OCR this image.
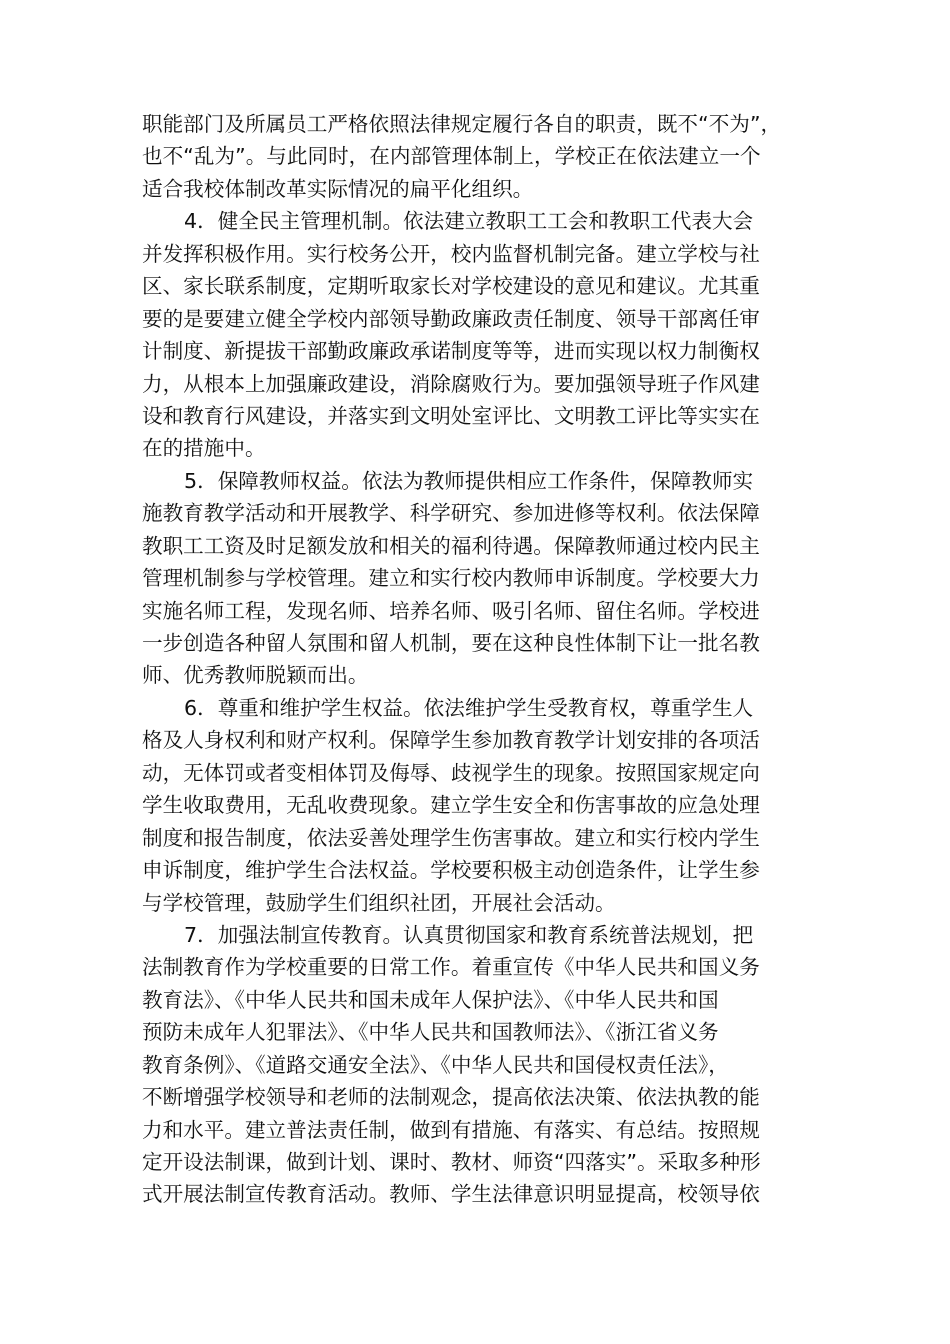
职能部门及所属员工严格依照法律规定履行各自的职责，既不“不为”，
也不“乱为”。与此同时，在内部管理体制上，学校正在依法建立一个
适合我校体制改革实际情况的扁平化组织。
4．健全民主管理机制。依法建立教职工工会和教职工代表大会
并发挥积极作用。实行校务公开，校内监督机制完备。建立学校与社
区、家长联系制度，定期听取家长对学校建设的意见和建议。尤其重
要的是要建立健全学校内部领导勤政廉政责任制度、领导干部离任审
计制度、新提拔干部勤政廉政承诺制度等等，进而实现以权力制衡权
力，从根本上加强廉政建设，消除腐败行为。要加强领导班子作风建
设和教育行风建设，并落实到文明处室评比、文明教工评比等实实在
在的措施中。
5．保障教师权益。依法为教师提供相应工作条件，保障教师实
施教育教学活动和开展教学、科学研究、参加进修等权利。依法保障
教职工工资及时足额发放和相关的福利待遇。保障教师通过校内民主
管理机制参与学校管理。建立和实行校内教师申诉制度。学校要大力
实施名师工程，发现名师、培养名师、吸引名师、留住名师。学校进
一步创造各种留人氛围和留人机制，要在这种良性体制下让一批名教
师、优秀教师脱颖而出。
6．尊重和维护学生权益。依法维护学生受教育权，尊重学生人
格及人身权利和财产权利。保障学生参加教育教学计划安排的各项活
动，无体罚或者变相体罚及侮辱、歧视学生的现象。按照国家规定向
学生收取费用，无乱收费现象。建立学生安全和伤害事故的应急处理
制度和报告制度，依法妥善处理学生伤害事故。建立和实行校内学生
申诉制度，维护学生合法权益。学校要积极主动创造条件，让学生参
与学校管理，鼓励学生们组织社团，开展社会活动。
7．加强法制宣传教育。认真贯彻国家和教育系统普法规划，把
法制教育作为学校重要的日常工作。着重宣传《中华人民共和国义务
教育法》、《中华人民共和国未成年人保护法》、《中华人民共和国
预防未成年人犯罪法》、《中华人民共和国教师法》、《浙江省义务
教育条例》、《道路交通安全法》、《中华人民共和国侵权责任法》，
不断增强学校领导和老师的法制观念，提高依法决策、依法执教的能
力和水平。建立普法责任制，做到有措施、有落实、有总结。按照规
定开设法制课，做到计划、课时、教材、师资“四落实”。采取多种形
式开展法制宣传教育活动。教师、学生法律意识明显提高，校领导依
